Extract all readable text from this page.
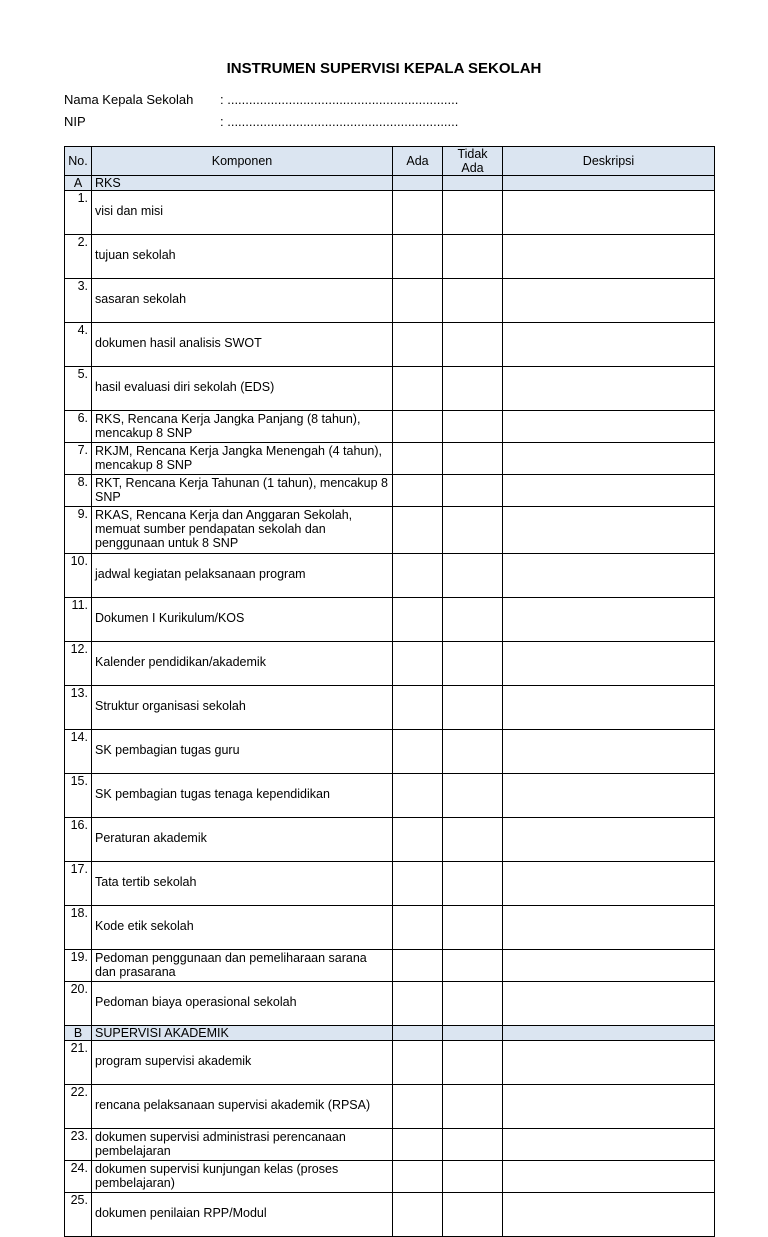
INSTRUMEN SUPERVISI KEPALA SEKOLAH
Nama Kepala Sekolah : ................................................................
NIP	: ................................................................
No.	Komponen	Ada	Tidak Ada	Deskripsi
A	RKS			
1.	visi dan misi			
2.	tujuan sekolah			
3.	sasaran sekolah			
4.	dokumen hasil analisis SWOT			
5.	hasil evaluasi diri sekolah (EDS)			
6.	RKS, Rencana Kerja Jangka Panjang (8 tahun), mencakup 8 SNP			
7.	RKJM, Rencana Kerja Jangka Menengah (4 tahun), mencakup 8 SNP			
8.	RKT, Rencana Kerja Tahunan (1 tahun), mencakup 8 SNP			
9.	RKAS, Rencana Kerja dan Anggaran Sekolah, memuat sumber pendapatan sekolah dan penggunaan untuk 8 SNP			
10.	jadwal kegiatan pelaksanaan program			
11.	Dokumen I Kurikulum/KOS			
12.	Kalender pendidikan/akademik			
13.	Struktur organisasi sekolah			
14.	SK pembagian tugas guru			
15.	SK pembagian tugas tenaga kependidikan			
16.	Peraturan akademik			
17.	Tata tertib sekolah			
18.	Kode etik sekolah			
19.	Pedoman penggunaan dan pemeliharaan sarana dan prasarana			
20.	Pedoman biaya operasional sekolah			
B	SUPERVISI AKADEMIK			
21.	program supervisi akademik			
22.	rencana pelaksanaan supervisi akademik (RPSA)			
23.	dokumen supervisi administrasi perencanaan pembelajaran			
24.	dokumen supervisi kunjungan kelas (proses pembelajaran)			
25.	dokumen penilaian RPP/Modul			
